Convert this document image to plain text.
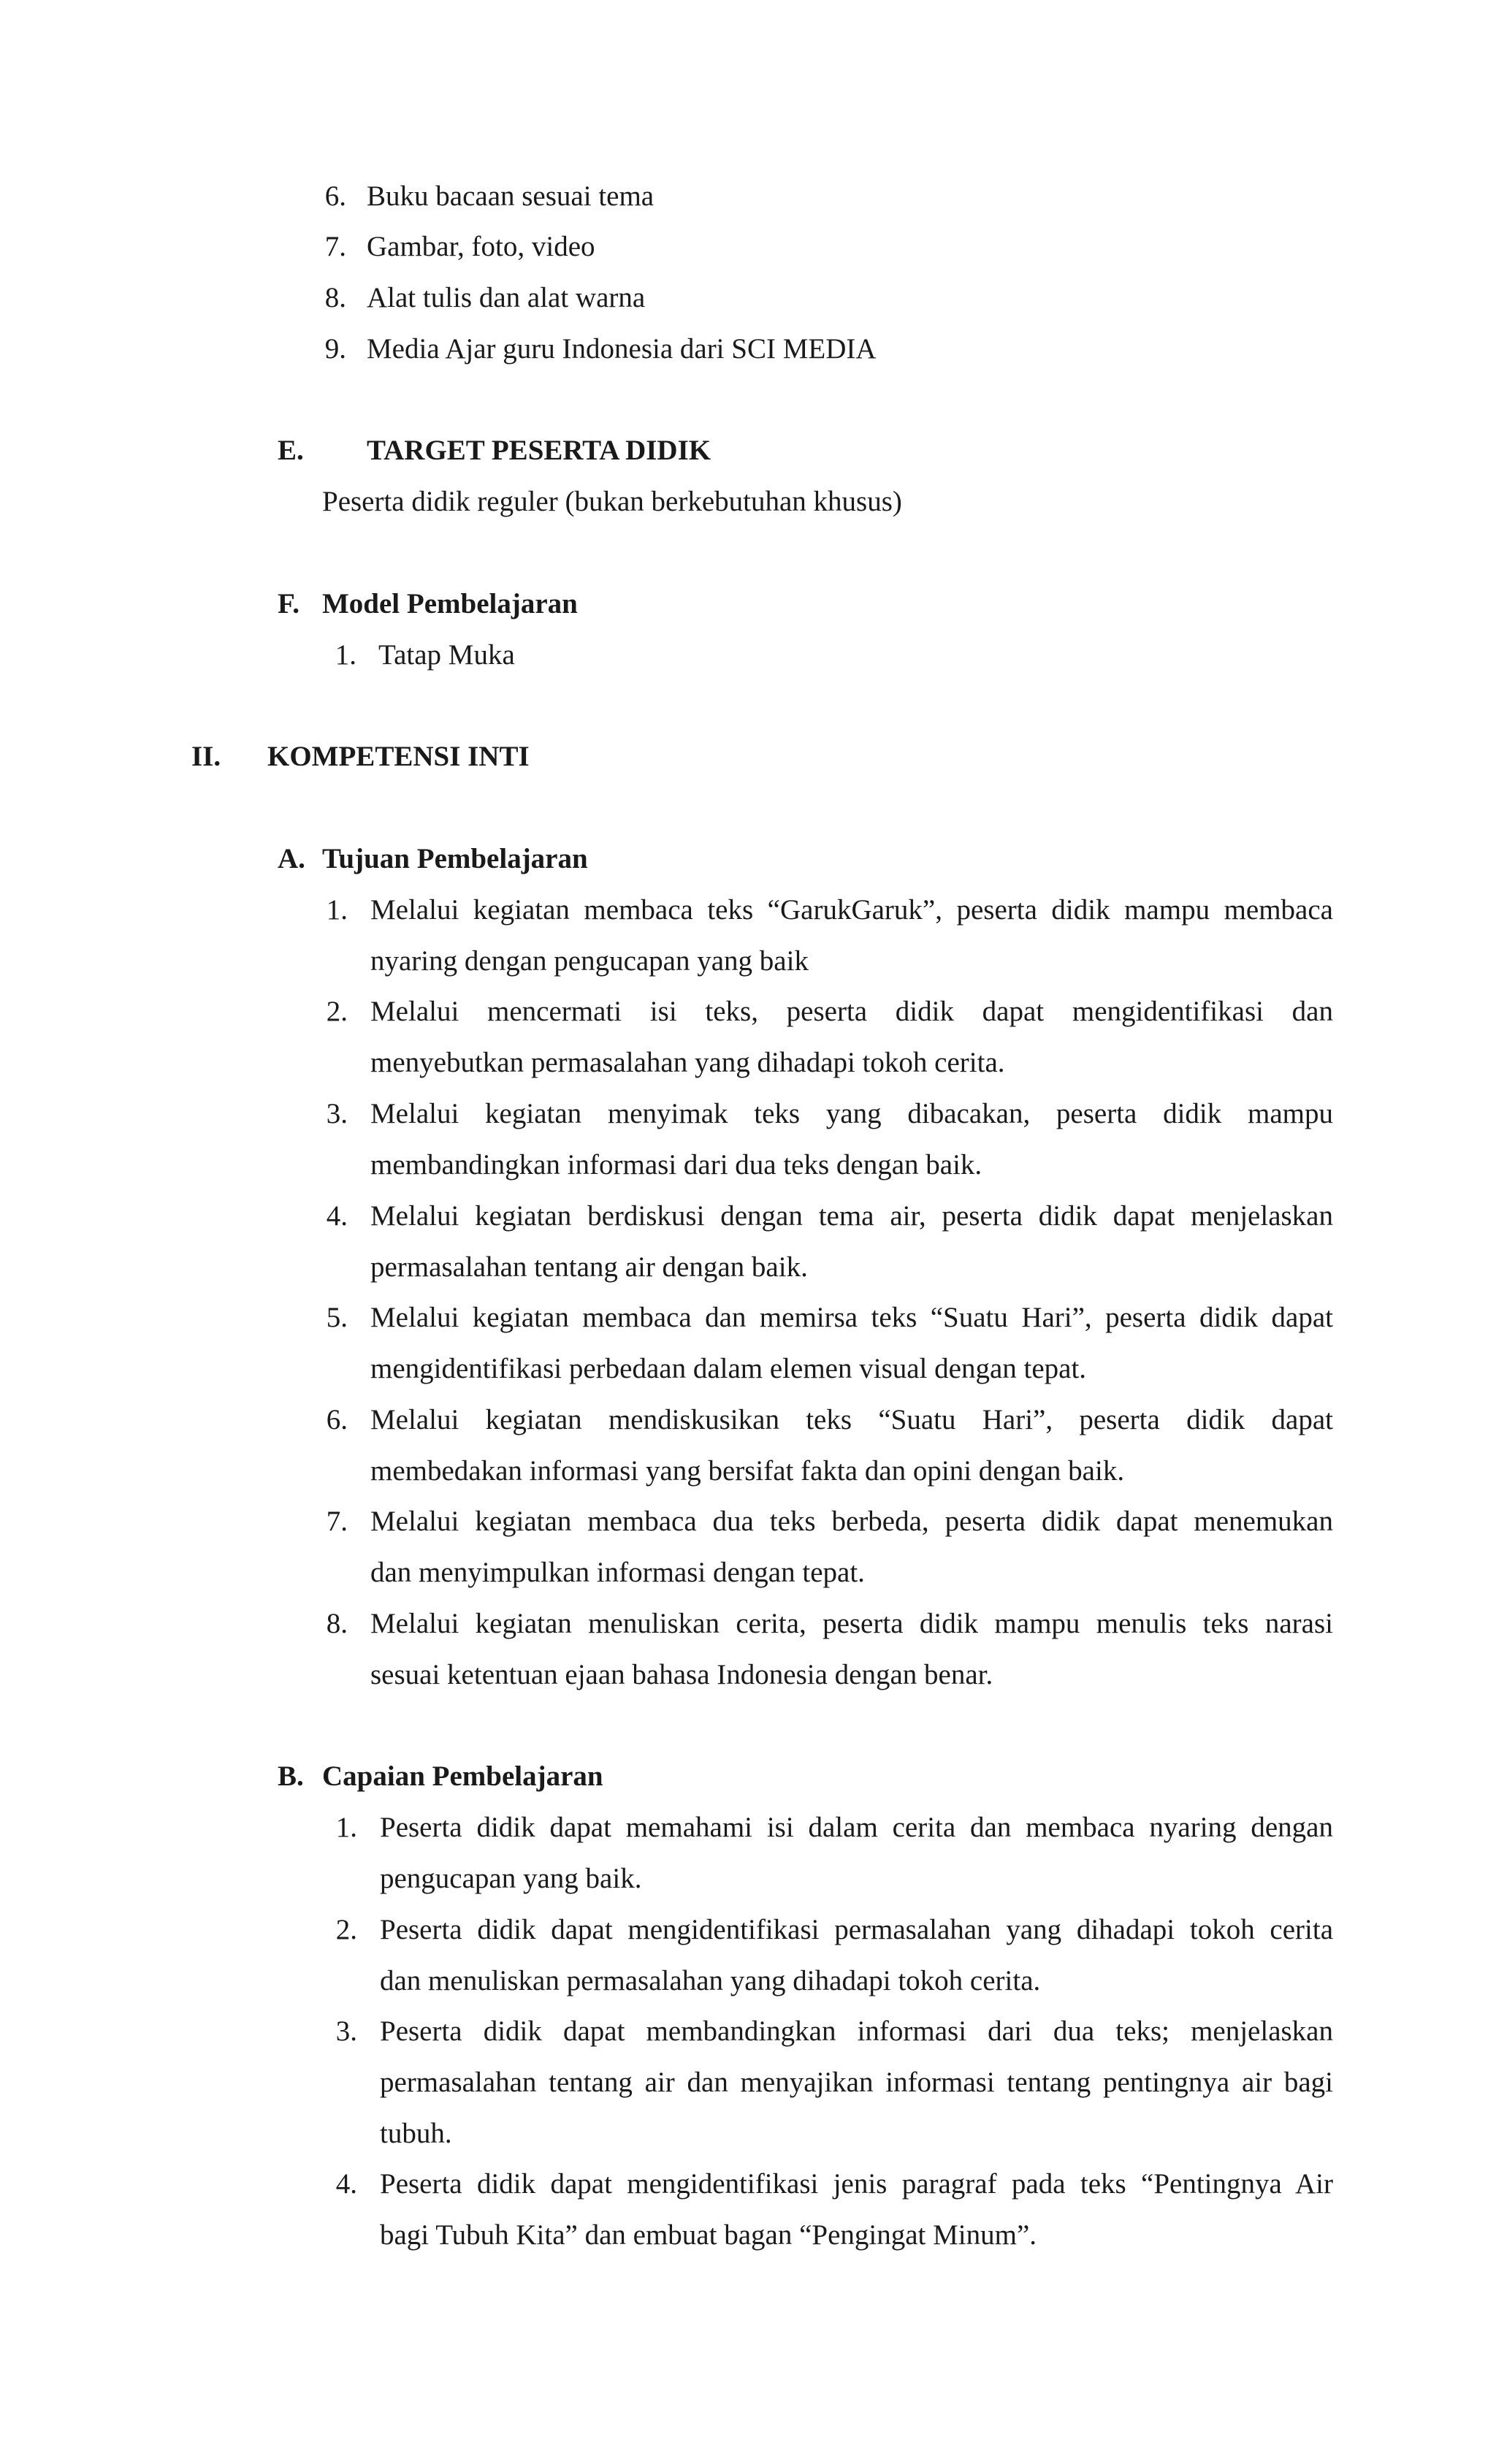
6. Buku bacaan sesuai tema
7. Gambar, foto, video
8. Alat tulis dan alat warna
9. Media Ajar guru Indonesia dari SCI MEDIA
E. TARGET PESERTA DIDIK
Peserta didik reguler (bukan berkebutuhan khusus)
F. Model Pembelajaran
1. Tatap Muka
II. KOMPETENSI INTI
A. Tujuan Pembelajaran
1. Melalui kegiatan membaca teks “GarukGaruk”, peserta didik mampu membaca
nyaring dengan pengucapan yang baik
2. Melalui mencermati isi teks, peserta didik dapat mengidentifikasi dan
menyebutkan permasalahan yang dihadapi tokoh cerita.
3. Melalui kegiatan menyimak teks yang dibacakan, peserta didik mampu
membandingkan informasi dari dua teks dengan baik.
4. Melalui kegiatan berdiskusi dengan tema air, peserta didik dapat menjelaskan
permasalahan tentang air dengan baik.
5. Melalui kegiatan membaca dan memirsa teks “Suatu Hari”, peserta didik dapat
mengidentifikasi perbedaan dalam elemen visual dengan tepat.
6. Melalui kegiatan mendiskusikan teks “Suatu Hari”, peserta didik dapat
membedakan informasi yang bersifat fakta dan opini dengan baik.
7. Melalui kegiatan membaca dua teks berbeda, peserta didik dapat menemukan
dan menyimpulkan informasi dengan tepat.
8. Melalui kegiatan menuliskan cerita, peserta didik mampu menulis teks narasi
sesuai ketentuan ejaan bahasa Indonesia dengan benar.
B. Capaian Pembelajaran
1. Peserta didik dapat memahami isi dalam cerita dan membaca nyaring dengan
pengucapan yang baik.
2. Peserta didik dapat mengidentifikasi permasalahan yang dihadapi tokoh cerita
dan menuliskan permasalahan yang dihadapi tokoh cerita.
3. Peserta didik dapat membandingkan informasi dari dua teks; menjelaskan
permasalahan tentang air dan menyajikan informasi tentang pentingnya air bagi
tubuh.
4. Peserta didik dapat mengidentifikasi jenis paragraf pada teks “Pentingnya Air
bagi Tubuh Kita” dan embuat bagan “Pengingat Minum”.
